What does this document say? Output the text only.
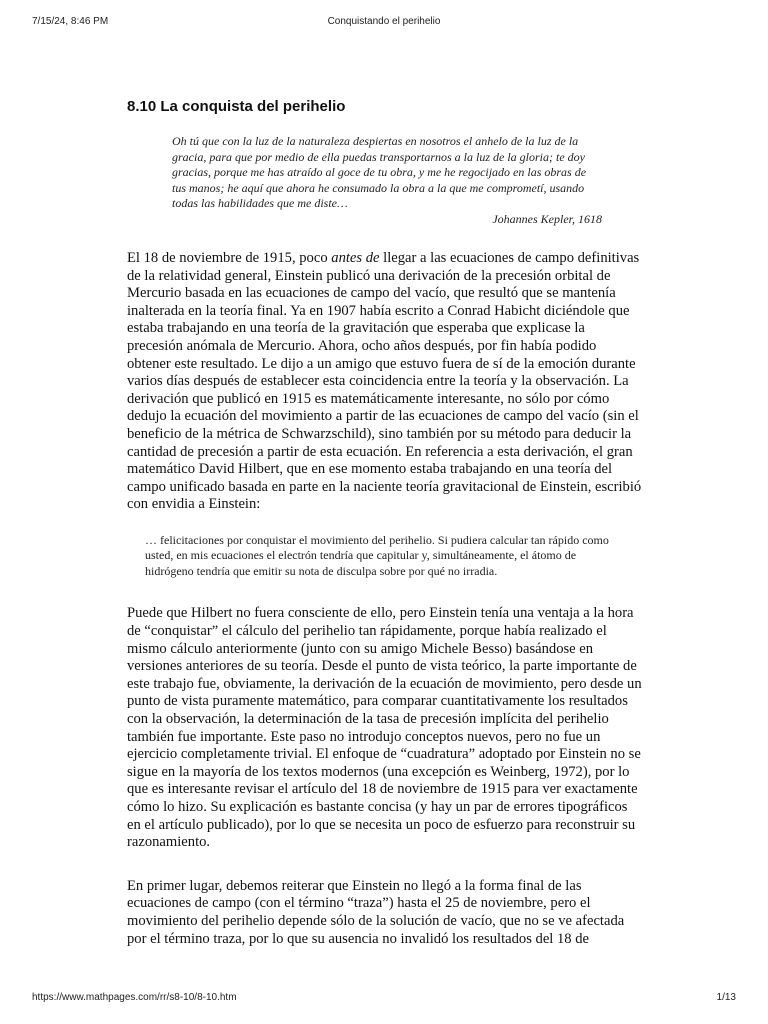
7/15/24, 8:46 PM	Conquistando el perihelio
8.10 La conquista del perihelio
Oh tú que con la luz de la naturaleza despiertas en nosotros el anhelo de la luz de la gracia, para que por medio de ella puedas transportarnos a la luz de la gloria; te doy gracias, porque me has atraído al goce de tu obra, y me he regocijado en las obras de tus manos; he aquí que ahora he consumado la obra a la que me comprometí, usando todas las habilidades que me diste…
Johannes Kepler, 1618

El 18 de noviembre de 1915, poco antes de llegar a las ecuaciones de campo definitivas de la relatividad general, Einstein publicó una derivación de la precesión orbital de Mercurio basada en las ecuaciones de campo del vacío, que resultó que se mantenía inalterada en la teoría final. Ya en 1907 había escrito a Conrad Habicht diciéndole que estaba trabajando en una teoría de la gravitación que esperaba que explicase la precesión anómala de Mercurio. Ahora, ocho años después, por fin había podido obtener este resultado. Le dijo a un amigo que estuvo fuera de sí de la emoción durante varios días después de establecer esta coincidencia entre la teoría y la observación. La derivación que publicó en 1915 es matemáticamente interesante, no sólo por cómo dedujo la ecuación del movimiento a partir de las ecuaciones de campo del vacío (sin el beneficio de la métrica de Schwarzschild), sino también por su método para deducir la cantidad de precesión a partir de esta ecuación. En referencia a esta derivación, el gran matemático David Hilbert, que en ese momento estaba trabajando en una teoría del campo unificado basada en parte en la naciente teoría gravitacional de Einstein, escribió con envidia a Einstein:

… felicitaciones por conquistar el movimiento del perihelio. Si pudiera calcular tan rápido como usted, en mis ecuaciones el electrón tendría que capitular y, simultáneamente, el átomo de hidrógeno tendría que emitir su nota de disculpa sobre por qué no irradia.

Puede que Hilbert no fuera consciente de ello, pero Einstein tenía una ventaja a la hora de “conquistar” el cálculo del perihelio tan rápidamente, porque había realizado el mismo cálculo anteriormente (junto con su amigo Michele Besso) basándose en versiones anteriores de su teoría. Desde el punto de vista teórico, la parte importante de este trabajo fue, obviamente, la derivación de la ecuación de movimiento, pero desde un punto de vista puramente matemático, para comparar cuantitativamente los resultados con la observación, la determinación de la tasa de precesión implícita del perihelio también fue importante. Este paso no introdujo conceptos nuevos, pero no fue un ejercicio completamente trivial. El enfoque de “cuadratura” adoptado por Einstein no se sigue en la mayoría de los textos modernos (una excepción es Weinberg, 1972), por lo que es interesante revisar el artículo del 18 de noviembre de 1915 para ver exactamente cómo lo hizo. Su explicación es bastante concisa (y hay un par de errores tipográficos en el artículo publicado), por lo que se necesita un poco de esfuerzo para reconstruir su razonamiento.

En primer lugar, debemos reiterar que Einstein no llegó a la forma final de las ecuaciones de campo (con el término “traza”) hasta el 25 de noviembre, pero el movimiento del perihelio depende sólo de la solución de vacío, que no se ve afectada por el término traza, por lo que su ausencia no invalidó los resultados del 18 de

https://www.mathpages.com/rr/s8-10/8-10.htm	1/13
